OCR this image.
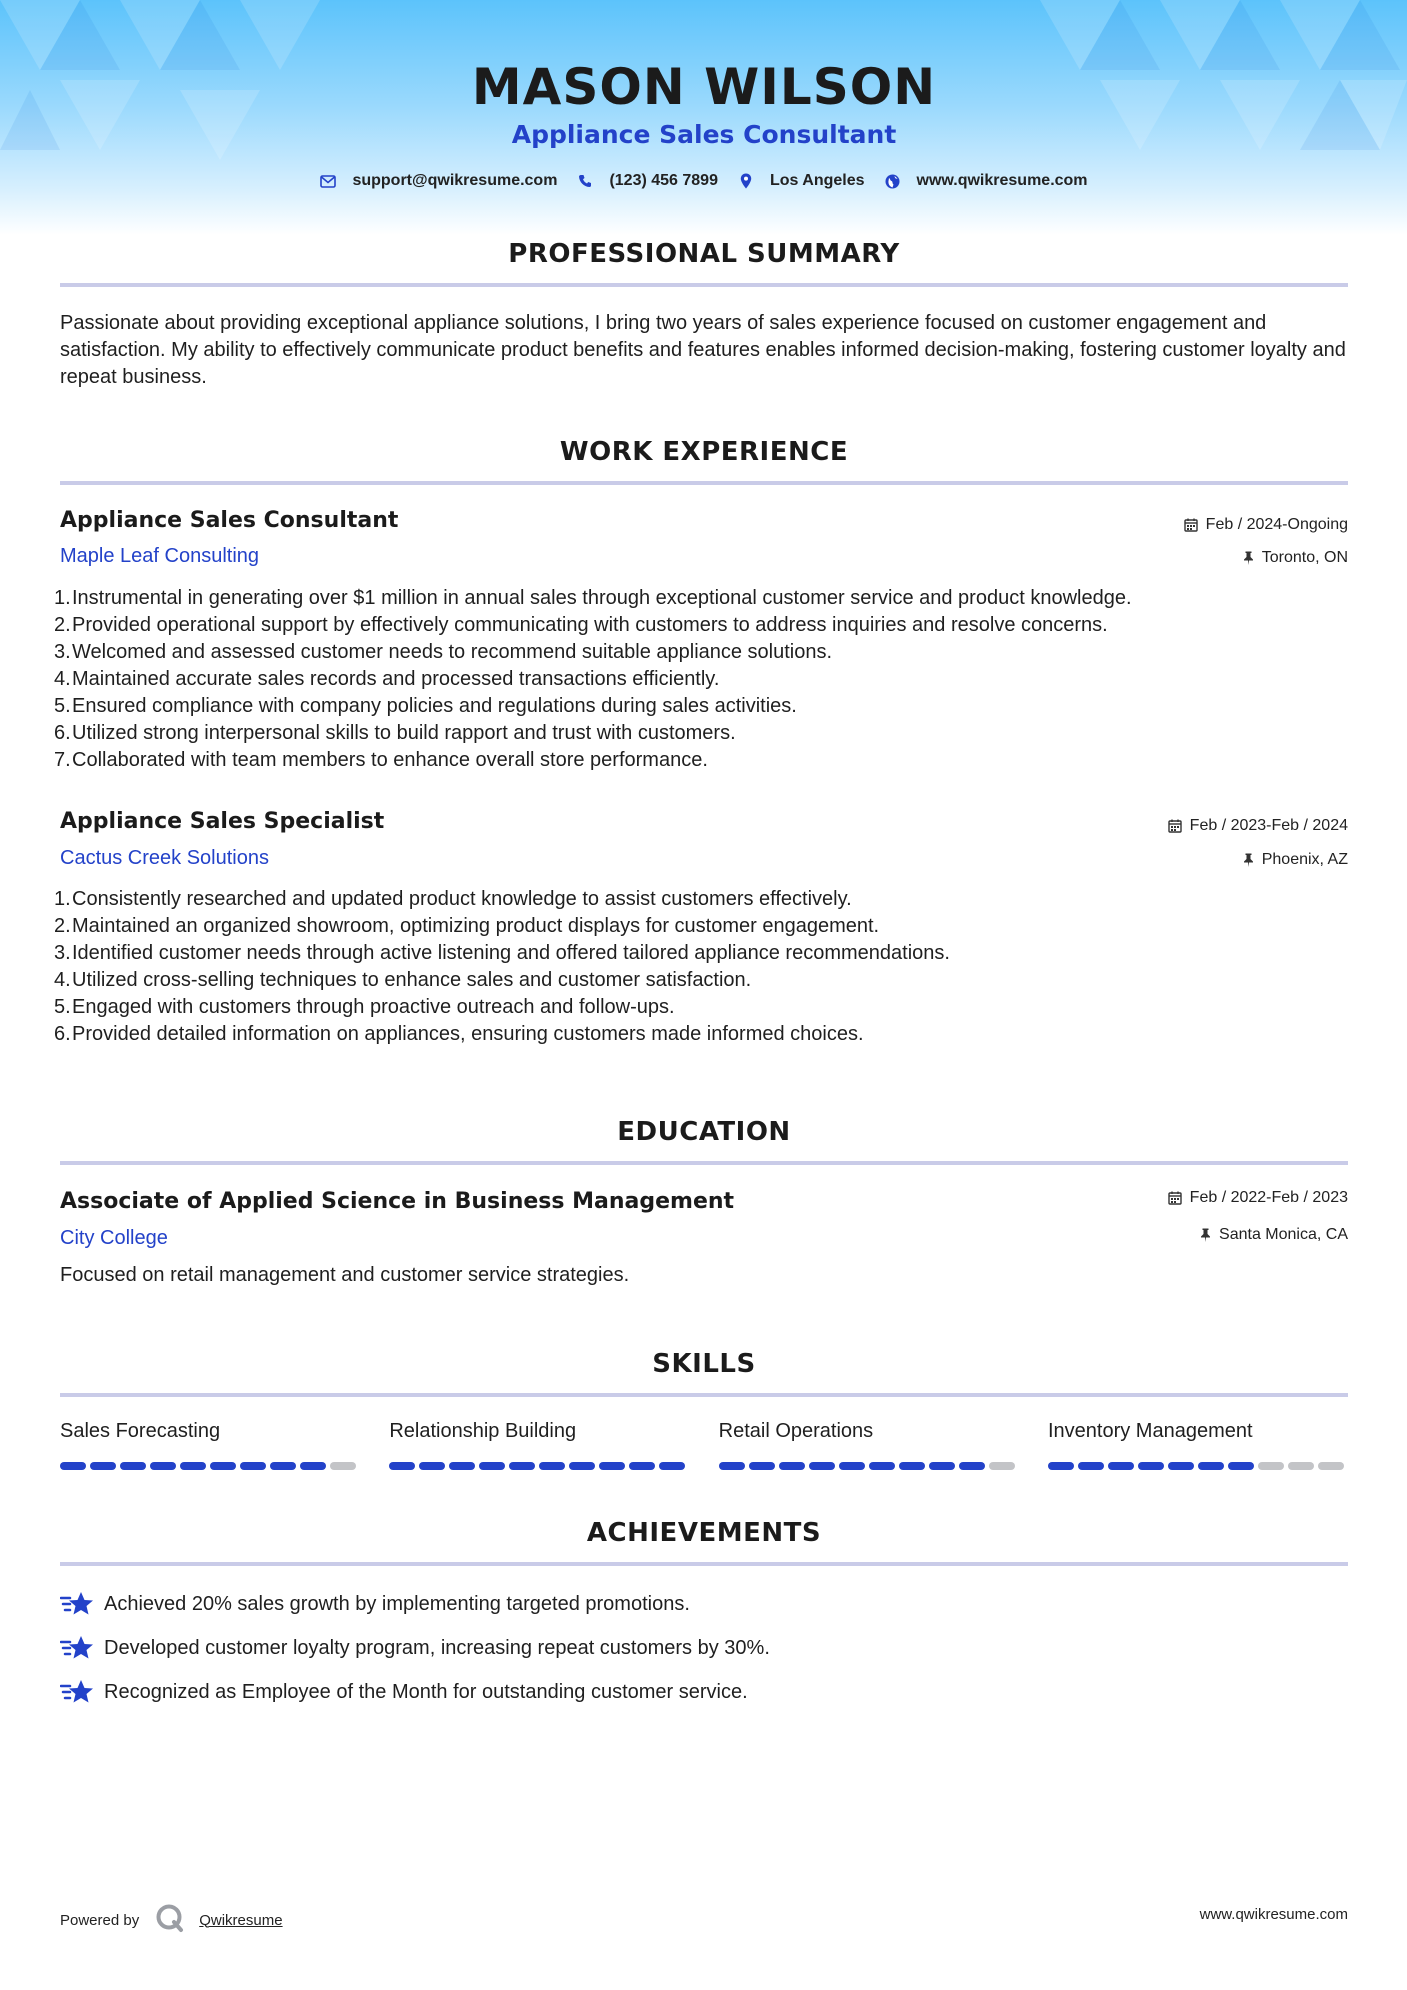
MASON WILSON
Appliance Sales Consultant
support@qwikresume.com	(123) 456 7899	Los Angeles	www.qwikresume.com
PROFESSIONAL SUMMARY
Passionate about providing exceptional appliance solutions, I bring two years of sales experience focused on customer engagement and satisfaction. My ability to effectively communicate product benefits and features enables informed decision-making, fostering customer loyalty and repeat business.
WORK EXPERIENCE
Appliance Sales Consultant	Feb / 2024-Ongoing
Maple Leaf Consulting	Toronto, ON
1. Instrumental in generating over $1 million in annual sales through exceptional customer service and product knowledge.
2. Provided operational support by effectively communicating with customers to address inquiries and resolve concerns.
3. Welcomed and assessed customer needs to recommend suitable appliance solutions.
4. Maintained accurate sales records and processed transactions efficiently.
5. Ensured compliance with company policies and regulations during sales activities.
6. Utilized strong interpersonal skills to build rapport and trust with customers.
7. Collaborated with team members to enhance overall store performance.
Appliance Sales Specialist	Feb / 2023-Feb / 2024
Cactus Creek Solutions	Phoenix, AZ
1. Consistently researched and updated product knowledge to assist customers effectively.
2. Maintained an organized showroom, optimizing product displays for customer engagement.
3. Identified customer needs through active listening and offered tailored appliance recommendations.
4. Utilized cross-selling techniques to enhance sales and customer satisfaction.
5. Engaged with customers through proactive outreach and follow-ups.
6. Provided detailed information on appliances, ensuring customers made informed choices.
EDUCATION
Associate of Applied Science in Business Management	Feb / 2022-Feb / 2023
City College	Santa Monica, CA
Focused on retail management and customer service strategies.
SKILLS
Sales Forecasting	Relationship Building	Retail Operations	Inventory Management
ACHIEVEMENTS
Achieved 20% sales growth by implementing targeted promotions.
Developed customer loyalty program, increasing repeat customers by 30%.
Recognized as Employee of the Month for outstanding customer service.
Powered by	Qwikresume	www.qwikresume.com
